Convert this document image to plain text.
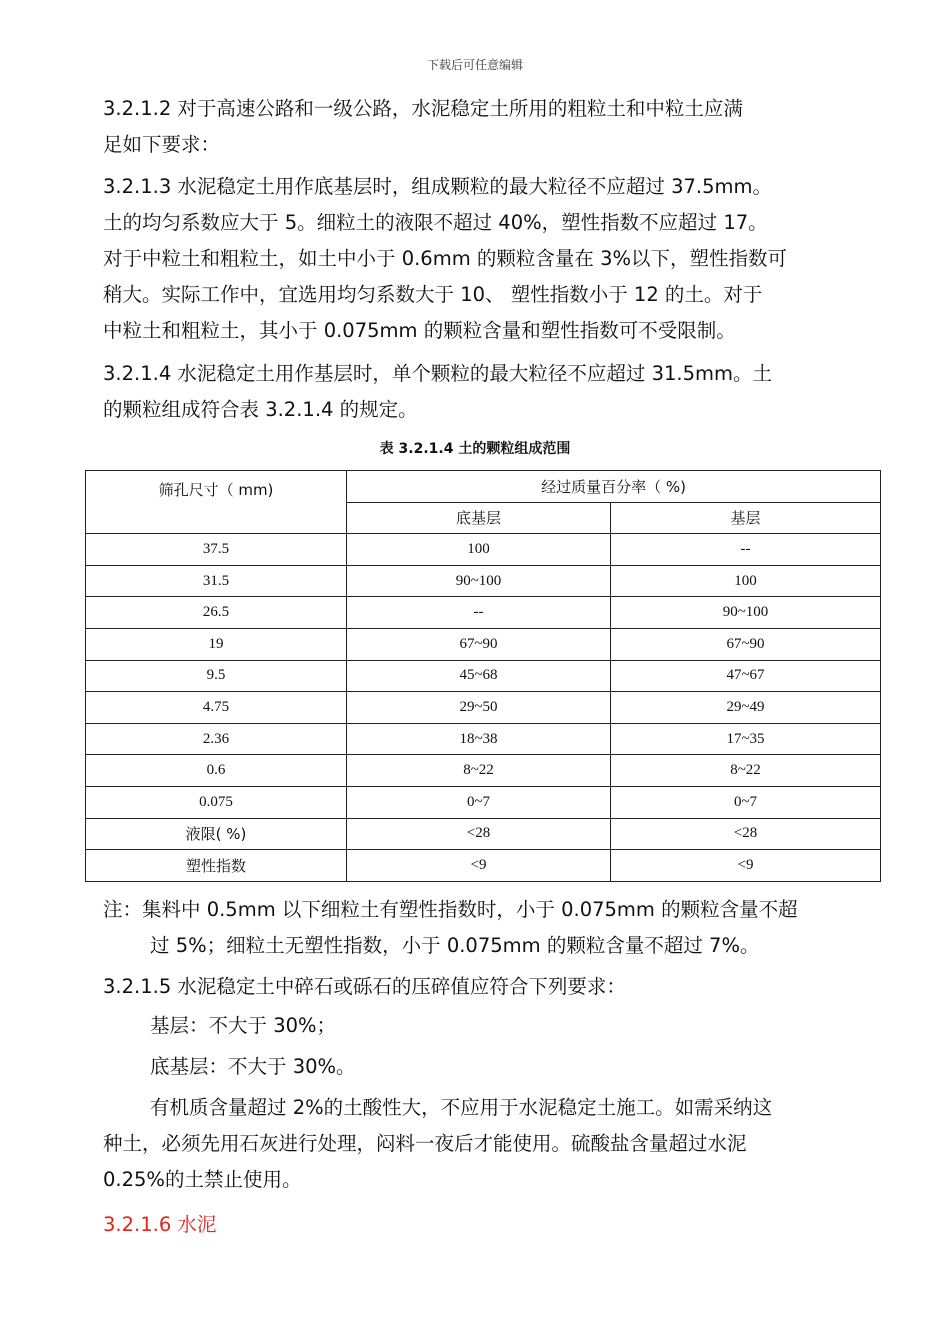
下载后可任意编辑
3.2.1.2 对于高速公路和一级公路，水泥稳定土所用的粗粒土和中粒土应满
足如下要求：
3.2.1.3 水泥稳定土用作底基层时，组成颗粒的最大粒径不应超过 37.5mm。
土的均匀系数应大于 5。细粒土的液限不超过 40%，塑性指数不应超过 17。
对于中粒土和粗粒土，如土中小于 0.6mm 的颗粒含量在 3%以下，塑性指数可
稍大。实际工作中，宜选用均匀系数大于 10、 塑性指数小于 12 的土。对于
中粒土和粗粒土，其小于 0.075mm 的颗粒含量和塑性指数可不受限制。
3.2.1.4 水泥稳定土用作基层时，单个颗粒的最大粒径不应超过 31.5mm。土
的颗粒组成符合表 3.2.1.4 的规定。
表 3.2.1.4 土的颗粒组成范围
筛孔尺寸（ mm)	经过质量百分率（ %)	
	底基层	基层
37.5	100	--
31.5	90~100	100
26.5	--	90~100
19	67~90	67~90
9.5	45~68	47~67
4.75	29~50	29~49
2.36	18~38	17~35
0.6	8~22	8~22
0.075	0~7	0~7
液限( %)	<28	<28
塑性指数	<9	<9
注：集料中 0.5mm 以下细粒土有塑性指数时，小于 0.075mm 的颗粒含量不超
过 5%；细粒土无塑性指数，小于 0.075mm 的颗粒含量不超过 7%。
3.2.1.5 水泥稳定土中碎石或砾石的压碎值应符合下列要求：
基层：不大于 30%；
底基层：不大于 30%。
有机质含量超过 2%的土酸性大，不应用于水泥稳定土施工。如需采纳这
种土，必须先用石灰进行处理，闷料一夜后才能使用。硫酸盐含量超过水泥
0.25%的土禁止使用。
3.2.1.6 水泥
